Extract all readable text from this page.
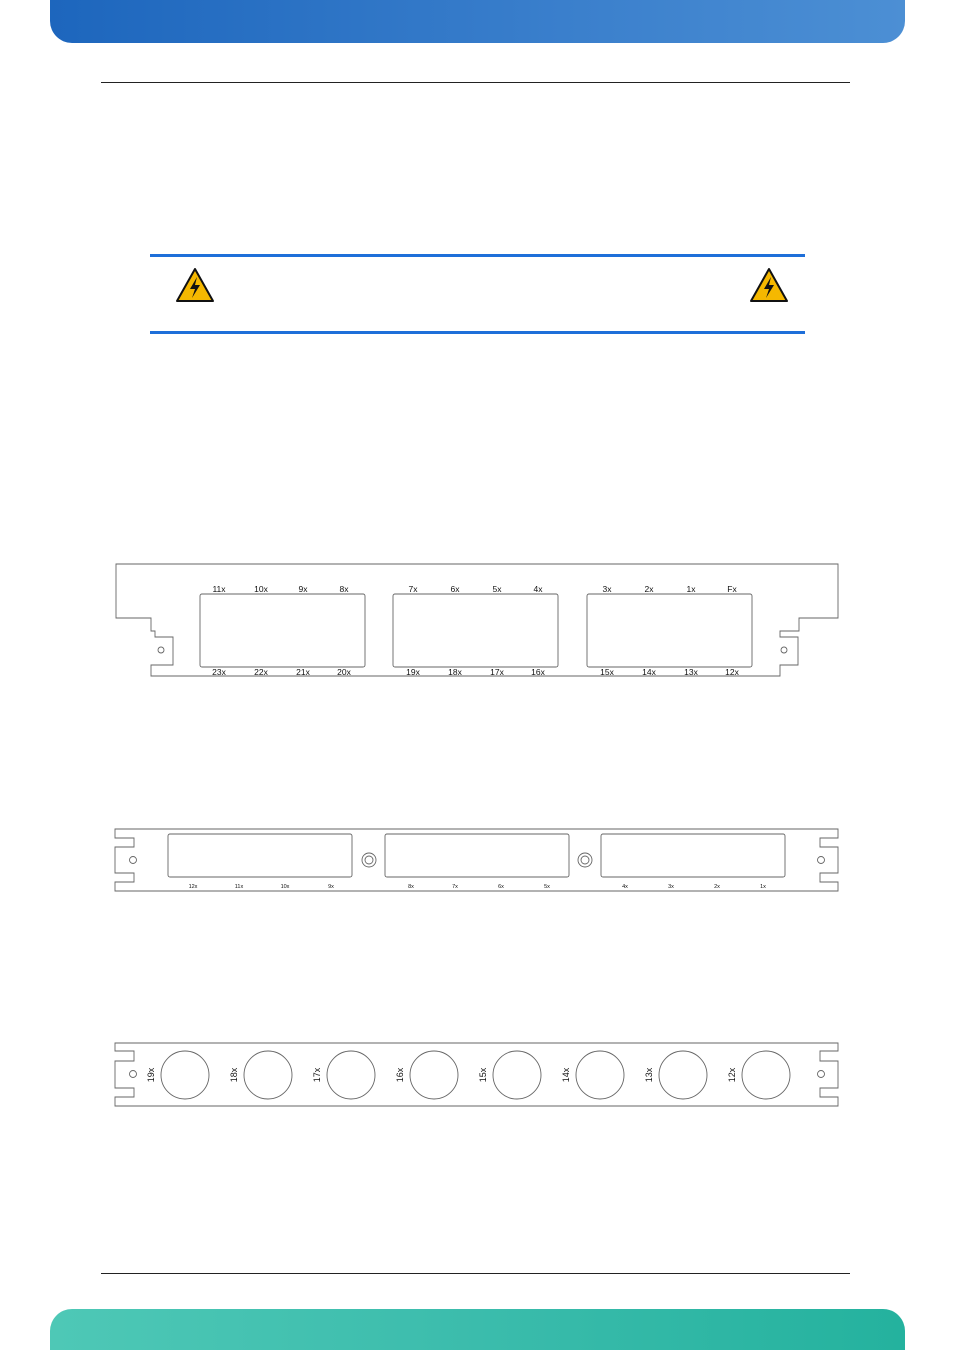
11x	10x	9x	8x	7x	6x	5x	4x	3x	2x	1x	Fx
23x	22x	21x	20x	19x	18x	17x	16x	15x	14x	13x	12x
12x	11x	10x	9x	8x	7x	6x	5x	4x	3x	2x	1x
19x	18x	17x	16x	15x	14x	13x	12x
